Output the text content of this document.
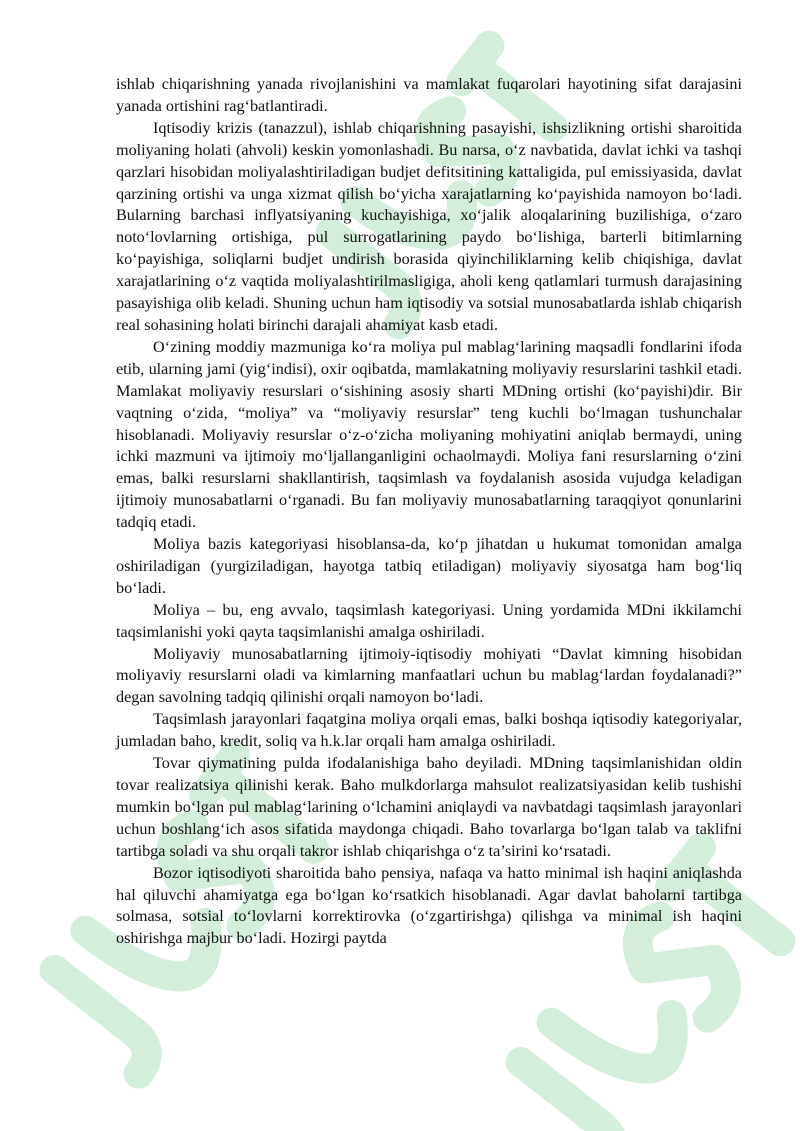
ishlab chiqarishning yanada rivojlanishini va mamlakat fuqarolari hayotining sifat darajasini yanada ortishini rag‘batlantiradi.

Iqtisodiy krizis (tanazzul), ishlab chiqarishning pasayishi, ishsizlikning ortishi sharoitida moliyaning holati (ahvoli) keskin yomonlashadi. Bu narsa, o‘z navbatida, davlat ichki va tashqi qarzlari hisobidan moliyalashtiriladigan budjet defitsitining kattaligida, pul emissiyasida, davlat qarzining ortishi va unga xizmat qilish bo‘yicha xarajatlarning ko‘payishida namoyon bo‘ladi. Bularning barchasi inflyatsiyaning kuchayishiga, xo‘jalik aloqalarining buzilishiga, o‘zaro noto‘lovlarning ortishiga, pul surrogatlarining paydo bo‘lishiga, barterli bitimlarning ko‘payishiga, soliqlarni budjet undirish borasida qiyinchiliklarning kelib chiqishiga, davlat xarajatlarining o‘z vaqtida moliyalashtirilmasligiga, aholi keng qatlamlari turmush darajasining pasayishiga olib keladi. Shuning uchun ham iqtisodiy va sotsial munosabatlarda ishlab chiqarish real sohasining holati birinchi darajali ahamiyat kasb etadi.

O‘zining moddiy mazmuniga ko‘ra moliya pul mablag‘larining maqsadli fondlarini ifoda etib, ularning jami (yig‘indisi), oxir oqibatda, mamlakatning moliyaviy resurslarini tashkil etadi. Mamlakat moliyaviy resurslari o‘sishining asosiy sharti MDning ortishi (ko‘payishi)dir. Bir vaqtning o‘zida, “moliya” va “moliyaviy resurslar” teng kuchli bo‘lmagan tushunchalar hisoblanadi. Moliyaviy resurslar o‘z-o‘zicha moliyaning mohiyatini aniqlab bermaydi, uning ichki mazmuni va ijtimoiy mo‘ljallanganligini ochaolmaydi. Moliya fani resurslarning o‘zini emas, balki resurslarni shakllantirish, taqsimlash va foydalanish asosida vujudga keladigan ijtimoiy munosabatlarni o‘rganadi. Bu fan moliyaviy munosabatlarning taraqqiyot qonunlarini tadqiq etadi.

Moliya bazis kategoriyasi hisoblansa-da, ko‘p jihatdan u hukumat tomonidan amalga oshiriladigan (yurgiziladigan, hayotga tatbiq etiladigan) moliyaviy siyosatga ham bog‘liq bo‘ladi.

Moliya – bu, eng avvalo, taqsimlash kategoriyasi. Uning yordamida MDni ikkilamchi taqsimlanishi yoki qayta taqsimlanishi amalga oshiriladi.

Moliyaviy munosabatlarning ijtimoiy-iqtisodiy mohiyati “Davlat kimning hisobidan moliyaviy resurslarni oladi va kimlarning manfaatlari uchun bu mablag‘lardan foydalanadi?” degan savolning tadqiq qilinishi orqali namoyon bo‘ladi.

Taqsimlash jarayonlari faqatgina moliya orqali emas, balki boshqa iqtisodiy kategoriyalar, jumladan baho, kredit, soliq va h.k.lar orqali ham amalga oshiriladi.

Tovar qiymatining pulda ifodalanishiga baho deyiladi. MDning taqsimlanishidan oldin tovar realizatsiya qilinishi kerak. Baho mulkdorlarga mahsulot realizatsiyasidan kelib tushishi mumkin bo‘lgan pul mablag‘larining o‘lchamini aniqlaydi va navbatdagi taqsimlash jarayonlari uchun boshlang‘ich asos sifatida maydonga chiqadi. Baho tovarlarga bo‘lgan talab va taklifni tartibga soladi va shu orqali takror ishlab chiqarishga o‘z ta’sirini ko‘rsatadi.

Bozor iqtisodiyoti sharoitida baho pensiya, nafaqa va hatto minimal ish haqini aniqlashda hal qiluvchi ahamiyatga ega bo‘lgan ko‘rsatkich hisoblanadi. Agar davlat baholarni tartibga solmasa, sotsial to‘lovlarni korrektirovka (o‘zgartirishga) qilishga va minimal ish haqini oshirishga majbur bo‘ladi. Hozirgi paytda
